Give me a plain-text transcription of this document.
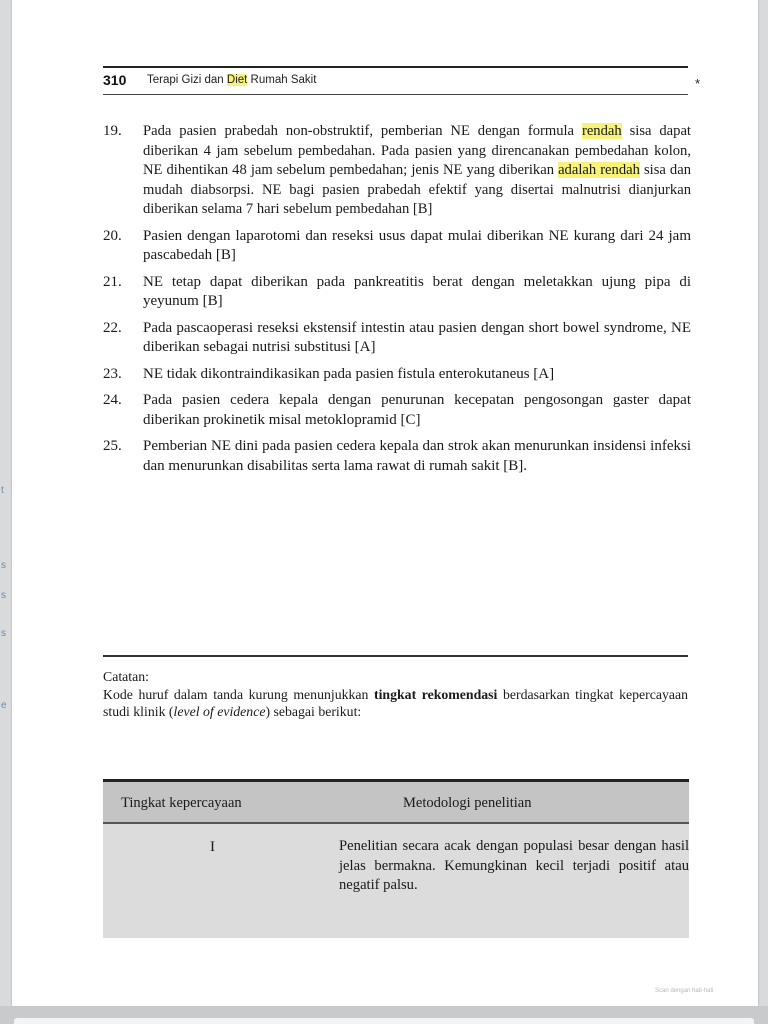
t
s
s
s
e
310 Terapi Gizi dan Diet Rumah Sakit	*
19.	Pada pasien prabedah non-obstruktif, pemberian NE dengan formula rendah sisa dapat diberikan 4 jam sebelum pembedahan. Pada pasien yang direncanakan pembedahan kolon, NE dihentikan 48 jam sebelum pembedahan; jenis NE yang diberikan adalah rendah sisa dan mudah diabsorpsi. NE bagi pasien prabedah efektif yang disertai malnutrisi dianjurkan diberikan selama 7 hari sebelum pembedahan [B]
20.	Pasien dengan laparotomi dan reseksi usus dapat mulai diberikan NE kurang dari 24 jam pascabedah [B]
21.	NE tetap dapat diberikan pada pankreatitis berat dengan meletakkan ujung pipa di yeyunum [B]
22.	Pada pascaoperasi reseksi ekstensif intestin atau pasien dengan short bowel syndrome, NE diberikan sebagai nutrisi substitusi [A]
23.	NE tidak dikontraindikasikan pada pasien fistula enterokutaneus [A]
24.	Pada pasien cedera kepala dengan penurunan kecepatan pengosongan gaster dapat diberikan prokinetik misal metoklopramid [C]
25.	Pemberian NE dini pada pasien cedera kepala dan strok akan menurunkan insidensi infeksi dan menurunkan disabilitas serta lama rawat di rumah sakit [B].
Catatan:
Kode huruf dalam tanda kurung menunjukkan tingkat rekomendasi berdasarkan tingkat kepercayaan studi klinik (level of evidence) sebagai berikut:
Tingkat kepercayaan	Metodologi penelitian
I	Penelitian secara acak dengan populasi besar dengan hasil jelas bermakna. Kemungkinan kecil terjadi positif atau negatif palsu.
Scan dengan hati-hati
